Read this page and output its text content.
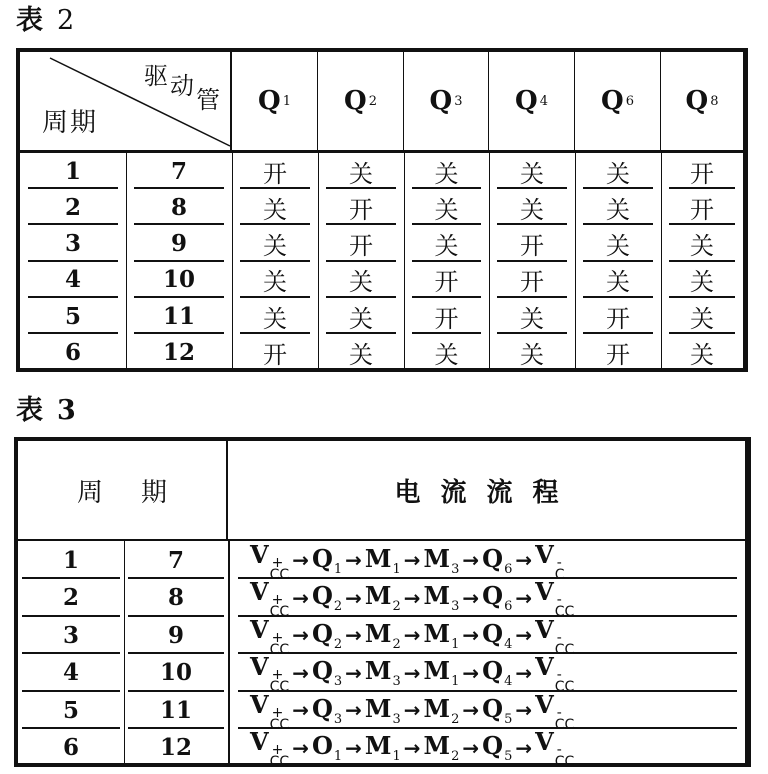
表 2
驱动管
周期
Q 1 Q 2 Q 3 Q 4 Q 6 Q 8
1	7	开	关	关	关	关	开
2	8	关	开	关	关	关	开
3	9	关	开	关	开	关	关
4	10	关	关	开	开	关	关
5	11	关	关	开	关	开	关
6	12	开	关	关	关	开	关
表 3
周期	电流流程
1	7	V +
CC
→ $Q_1 \to M_1 \to M_3 \to Q_6 \to V$ -
C
2	8	V +
CC
→ $Q_2 \to M_2 \to M_3 \to Q_6 \to V$ -
CC
3	9	V +
CC
→ $Q_2 \to M_2 \to M_1 \to Q_4 \to V$ -
CC
4	10	V +
CC
→ $Q_3 \to M_3 \to M_1 \to Q_4 \to V$ -
CC
5	11	V +
CC
→ $Q_3 \to M_3 \to M_2 \to Q_5 \to V$ -
CC
6	12	V +
CC
→ $O_1 \to M_1 \to M_2 \to Q_5 \to V$ -
CC
